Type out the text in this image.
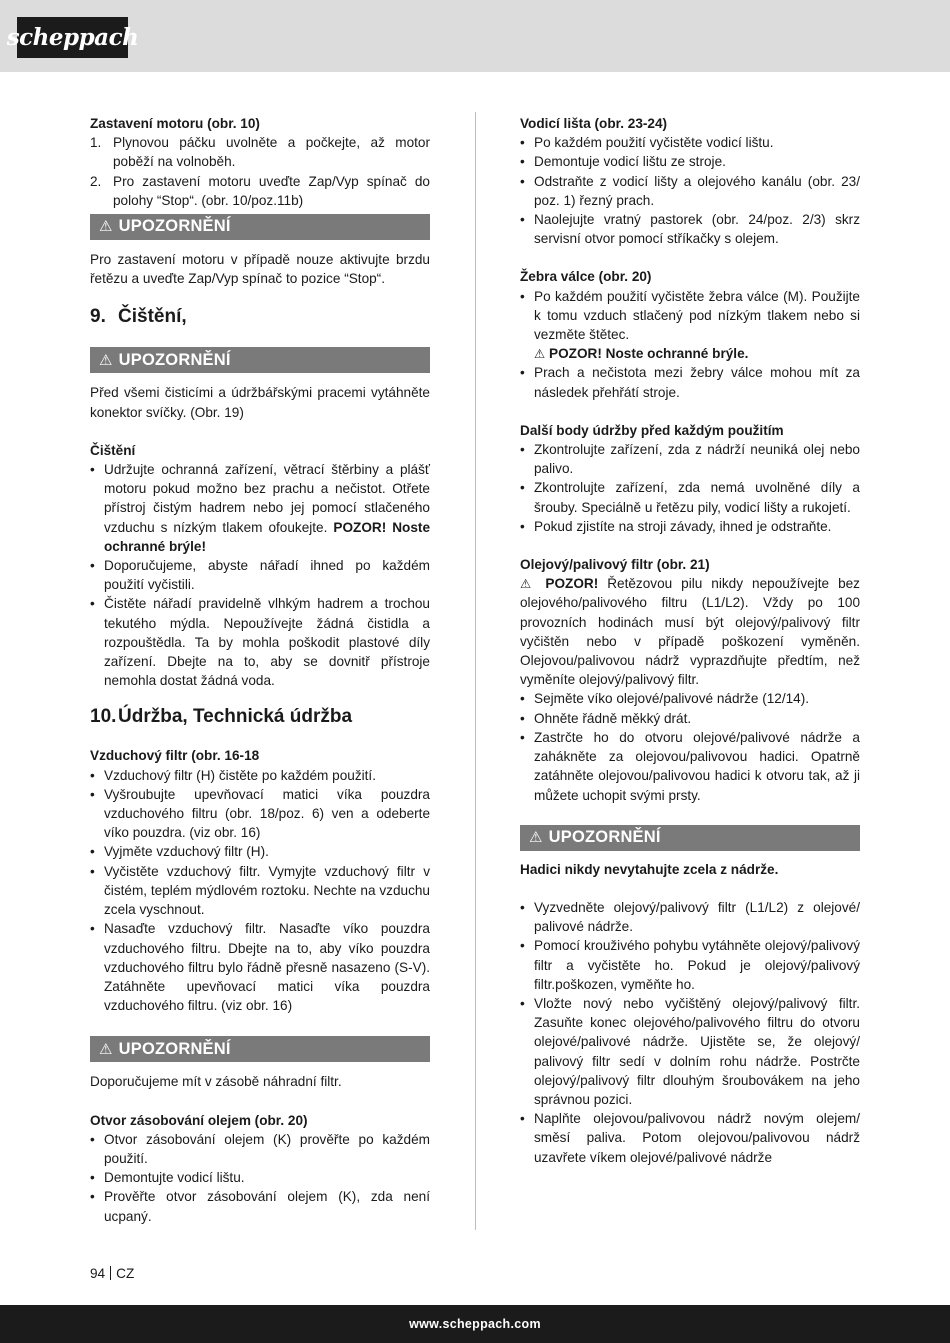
scheppach

Zastavení motoru (obr. 10)

1. Plynovou páčku uvolněte a počkejte, až motor poběží na volnoběh.
2. Pro zastavení motoru uveďte Zap/Vyp spínač do polohy “Stop“. (obr. 10/poz.11b)
⚠ UPOZORNĚNÍ

Pro zastavení motoru v případě nouze aktivujte brzdu řetězu a uveďte Zap/Vyp spínač to pozice “Stop“.

9. Čištění,

⚠ UPOZORNĚNÍ

Před všemi čisticími a údržbářskými pracemi vytáhněte konektor svíčky. (Obr. 19)

Čištění

• Udržujte ochranná zařízení, větrací štěrbiny a plášť motoru pokud možno bez prachu a nečistot. Otřete přístroj čistým hadrem nebo jej pomocí stlačeného vzduchu s nízkým tlakem ofoukejte. POZOR! Noste ochranné brýle!
• Doporučujeme, abyste nářadí ihned po každém použití vyčistili.
• Čistěte nářadí pravidelně vlhkým hadrem a trochou tekutého mýdla. Nepoužívejte žádná čistidla a rozpouštědla. Ta by mohla poškodit plastové díly zařízení. Dbejte na to, aby se dovnitř přístroje nemohla dostat žádná voda.

10.Údržba, Technická údržba

Vzduchový filtr (obr. 16-18

• Vzduchový filtr (H) čistěte po každém použití.
• Vyšroubujte upevňovací matici víka pouzdra vzduchového filtru (obr. 18/poz. 6) ven a odeberte víko pouzdra. (viz obr. 16)
• Vyjměte vzduchový filtr (H).
• Vyčistěte vzduchový filtr. Vymyjte vzduchový filtr v čistém, teplém mýdlovém roztoku. Nechte na vzduchu zcela vyschnout.
• Nasaďte vzduchový filtr. Nasaďte víko pouzdra vzduchového filtru. Dbejte na to, aby víko pouzdra vzduchového filtru bylo řádně přesně nasazeno (S-V). Zatáhněte upevňovací matici víka pouzdra vzduchového filtru. (viz obr. 16)
⚠ UPOZORNĚNÍ

Doporučujeme mít v zásobě náhradní filtr.

Otvor zásobování olejem (obr. 20)

• Otvor zásobování olejem (K) prověřte po každém použití.
• Demontujte vodicí lištu.
• Prověřte otvor zásobování olejem (K), zda není ucpaný.

Vodicí lišta (obr. 23-24)

• Po každém použití vyčistěte vodicí lištu.
• Demontuje vodicí lištu ze stroje.
• Odstraňte z vodicí lišty a olejového kanálu (obr. 23/ poz. 1) řezný prach.
• Naolejujte vratný pastorek (obr. 24/poz. 2/3) skrz servisní otvor pomocí stříkačky s olejem.

Žebra válce (obr. 20)

• Po každém použití vyčistěte žebra válce (M). Použijte k tomu vzduch stlačený pod nízkým tlakem nebo si vezměte štětec.
⚠ POZOR! Noste ochranné brýle.
• Prach a nečistota mezi žebry válce mohou mít za následek přehřátí stroje.

Další body údržby před každým použitím

• Zkontrolujte zařízení, zda z nádrží neuniká olej nebo palivo.
• Zkontrolujte zařízení, zda nemá uvolněné díly a šrouby. Speciálně u řetězu pily, vodicí lišty a rukojetí.
• Pokud zjistíte na stroji závady, ihned je odstraňte.

Olejový/palivový filtr (obr. 21)

⚠ POZOR! Řetězovou pilu nikdy nepoužívejte bez olejového/palivového filtru (L1/L2). Vždy po 100 provozních hodinách musí být olejový/palivový filtr vyčištěn nebo v případě poškození vyměněn. Olejovou/palivovou nádrž vyprazdňujte předtím, než vyměníte olejový/palivový filtr.

• Sejměte víko olejové/palivové nádrže (12/14).
• Ohněte řádně měkký drát.
• Zastrčte ho do otvoru olejové/palivové nádrže a zahákněte za olejovou/palivovou hadici. Opatrně zatáhněte olejovou/palivovou hadici k otvoru tak, až ji můžete uchopit svými prsty.
⚠ UPOZORNĚNÍ

Hadici nikdy nevytahujte zcela z nádrže.

• Vyzvedněte olejový/palivový filtr (L1/L2) z olejové/ palivové nádrže.
• Pomocí krouživého pohybu vytáhněte olejový/palivový filtr a vyčistěte ho. Pokud je olejový/palivový filtr.poškozen, vyměňte ho.
• Vložte nový nebo vyčištěný olejový/palivový filtr. Zasuňte konec olejového/palivového filtru do otvoru olejové/palivové nádrže. Ujistěte se, že olejový/ palivový filtr sedí v dolním rohu nádrže. Postrčte olejový/palivový filtr dlouhým šroubovákem na jeho správnou pozici.
• Naplňte olejovou/palivovou nádrž novým olejem/ směsí paliva. Potom olejovou/palivovou nádrž uzavřete víkem olejové/palivové nádrže
94 CZ
www.scheppach.com
